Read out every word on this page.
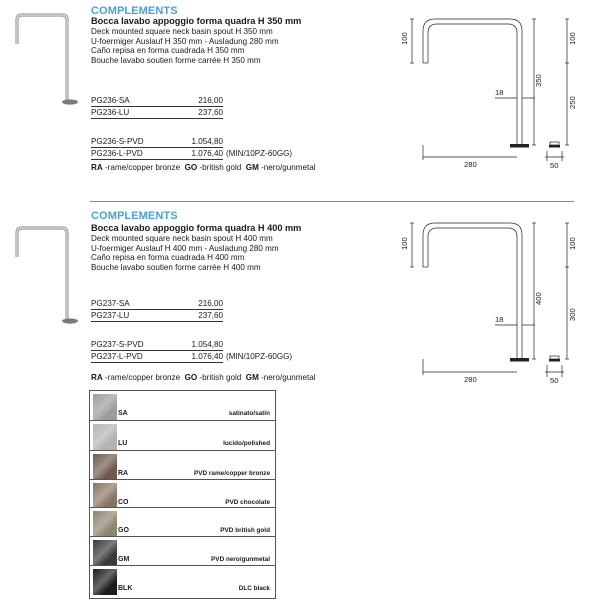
COMPLEMENTS
Bocca lavabo appoggio forma quadra H 350 mm
Deck mounted square neck basin spout H 350 mm
U-foermiger Auslauf H 350 mm - Ausladung 280 mm
Caño repisa en forma cuadrada H 350 mm
Bouche lavabo soutien forme carrée H 350 mm
PG236-SA	216,00
PG236-LU	237,60
PG236-S-PVD	1.054,80
PG236-L-PVD	1.076,40 (MIN/10PZ-60GG)
RA -rame/copper bronze GO -british gold GM -nero/gunmetal
100
350
100
250
18
280	50
COMPLEMENTS
Bocca lavabo appoggio forma quadra H 400 mm
Deck mounted square neck basin spout H 400 mm
U-foermiger Auslauf H 400 mm - Ausladung 280 mm
Caño repisa en forma cuadrada H 400 mm
Bouche lavabo soutien forme carrée H 400 mm
PG237-SA	216,00
PG237-LU	237,60
PG237-S-PVD	1.054,80
PG237-L-PVD	1.076,40 (MIN/10PZ-60GG)
RA -rame/copper bronze GO -british gold GM -nero/gunmetal
100
400
100
300
18
280	50
SA	satinato/satin
LU	lucido/polished
RA	PVD rame/copper bronze
CO	PVD chocolate
GO	PVD british gold
GM	PVD nero/gunmetal
BLK	DLC black
